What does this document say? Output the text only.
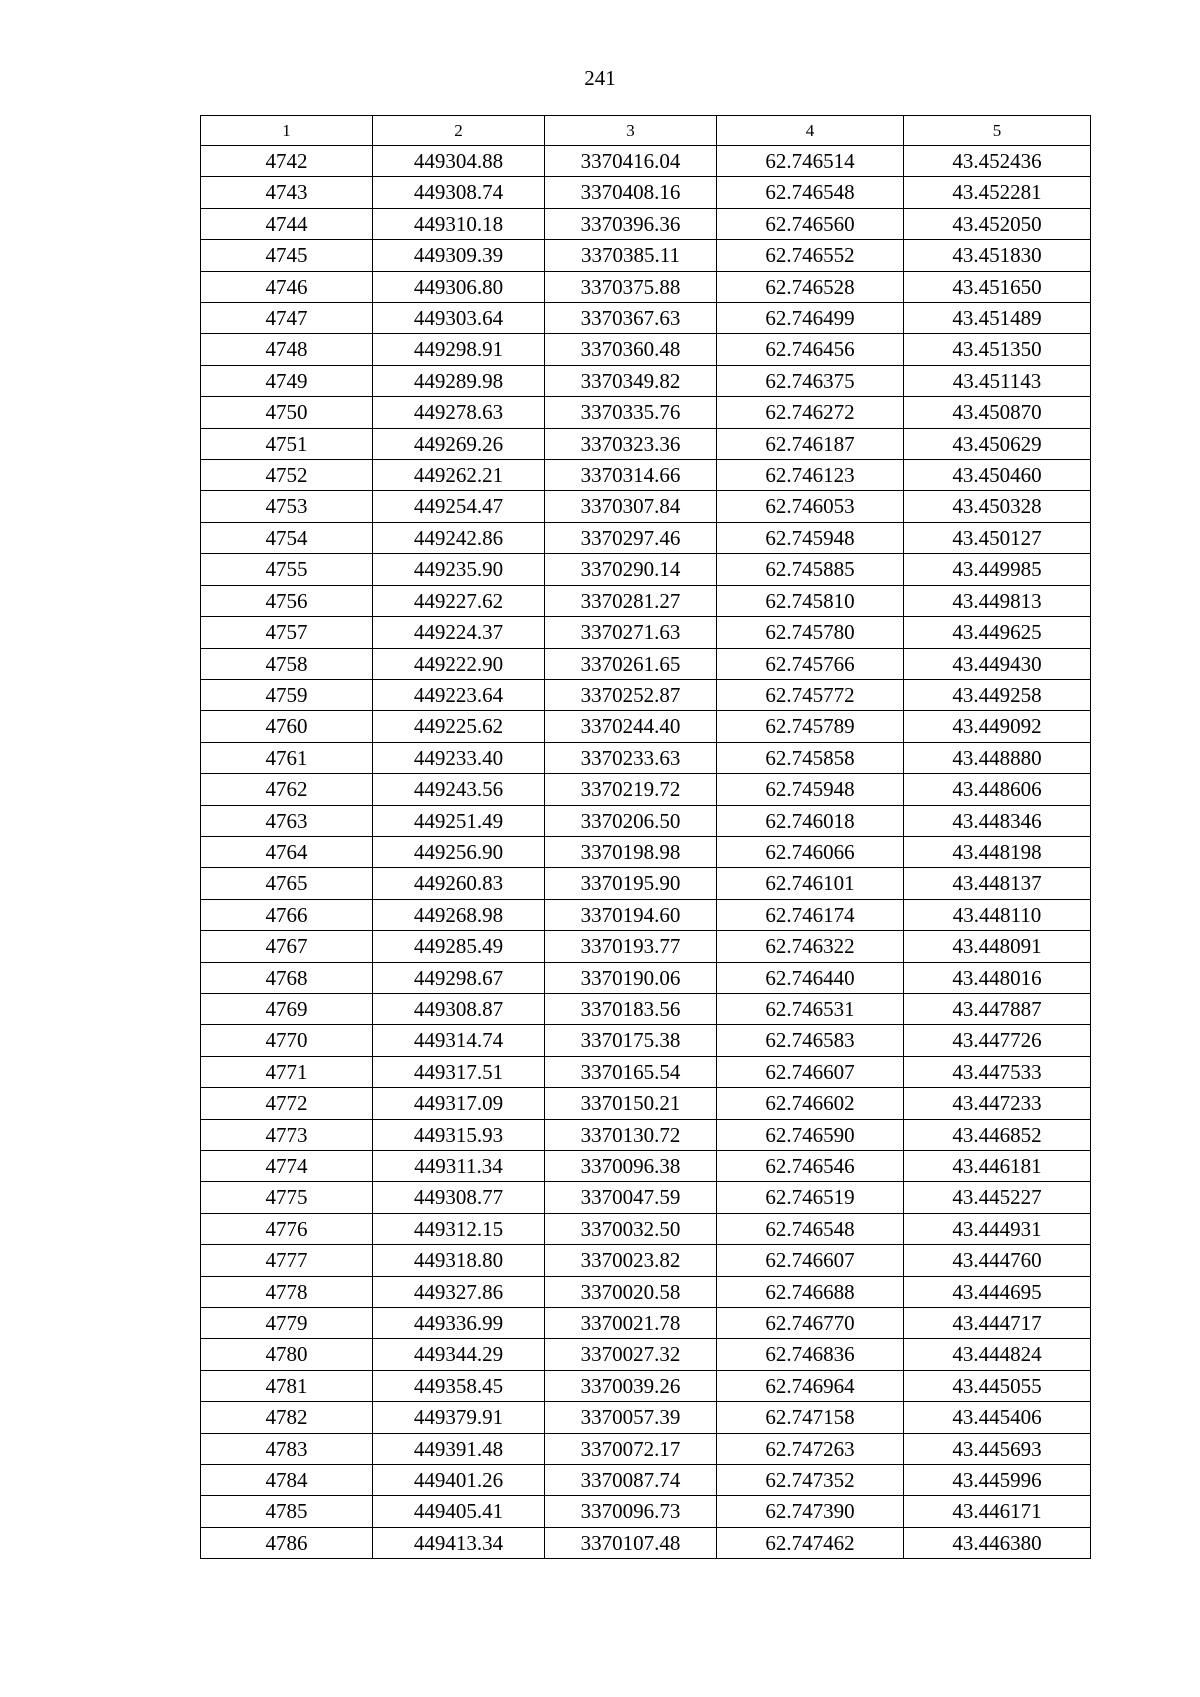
241
1	2	3	4	5
4742	449304.88	3370416.04	62.746514	43.452436
4743	449308.74	3370408.16	62.746548	43.452281
4744	449310.18	3370396.36	62.746560	43.452050
4745	449309.39	3370385.11	62.746552	43.451830
4746	449306.80	3370375.88	62.746528	43.451650
4747	449303.64	3370367.63	62.746499	43.451489
4748	449298.91	3370360.48	62.746456	43.451350
4749	449289.98	3370349.82	62.746375	43.451143
4750	449278.63	3370335.76	62.746272	43.450870
4751	449269.26	3370323.36	62.746187	43.450629
4752	449262.21	3370314.66	62.746123	43.450460
4753	449254.47	3370307.84	62.746053	43.450328
4754	449242.86	3370297.46	62.745948	43.450127
4755	449235.90	3370290.14	62.745885	43.449985
4756	449227.62	3370281.27	62.745810	43.449813
4757	449224.37	3370271.63	62.745780	43.449625
4758	449222.90	3370261.65	62.745766	43.449430
4759	449223.64	3370252.87	62.745772	43.449258
4760	449225.62	3370244.40	62.745789	43.449092
4761	449233.40	3370233.63	62.745858	43.448880
4762	449243.56	3370219.72	62.745948	43.448606
4763	449251.49	3370206.50	62.746018	43.448346
4764	449256.90	3370198.98	62.746066	43.448198
4765	449260.83	3370195.90	62.746101	43.448137
4766	449268.98	3370194.60	62.746174	43.448110
4767	449285.49	3370193.77	62.746322	43.448091
4768	449298.67	3370190.06	62.746440	43.448016
4769	449308.87	3370183.56	62.746531	43.447887
4770	449314.74	3370175.38	62.746583	43.447726
4771	449317.51	3370165.54	62.746607	43.447533
4772	449317.09	3370150.21	62.746602	43.447233
4773	449315.93	3370130.72	62.746590	43.446852
4774	449311.34	3370096.38	62.746546	43.446181
4775	449308.77	3370047.59	62.746519	43.445227
4776	449312.15	3370032.50	62.746548	43.444931
4777	449318.80	3370023.82	62.746607	43.444760
4778	449327.86	3370020.58	62.746688	43.444695
4779	449336.99	3370021.78	62.746770	43.444717
4780	449344.29	3370027.32	62.746836	43.444824
4781	449358.45	3370039.26	62.746964	43.445055
4782	449379.91	3370057.39	62.747158	43.445406
4783	449391.48	3370072.17	62.747263	43.445693
4784	449401.26	3370087.74	62.747352	43.445996
4785	449405.41	3370096.73	62.747390	43.446171
4786	449413.34	3370107.48	62.747462	43.446380
